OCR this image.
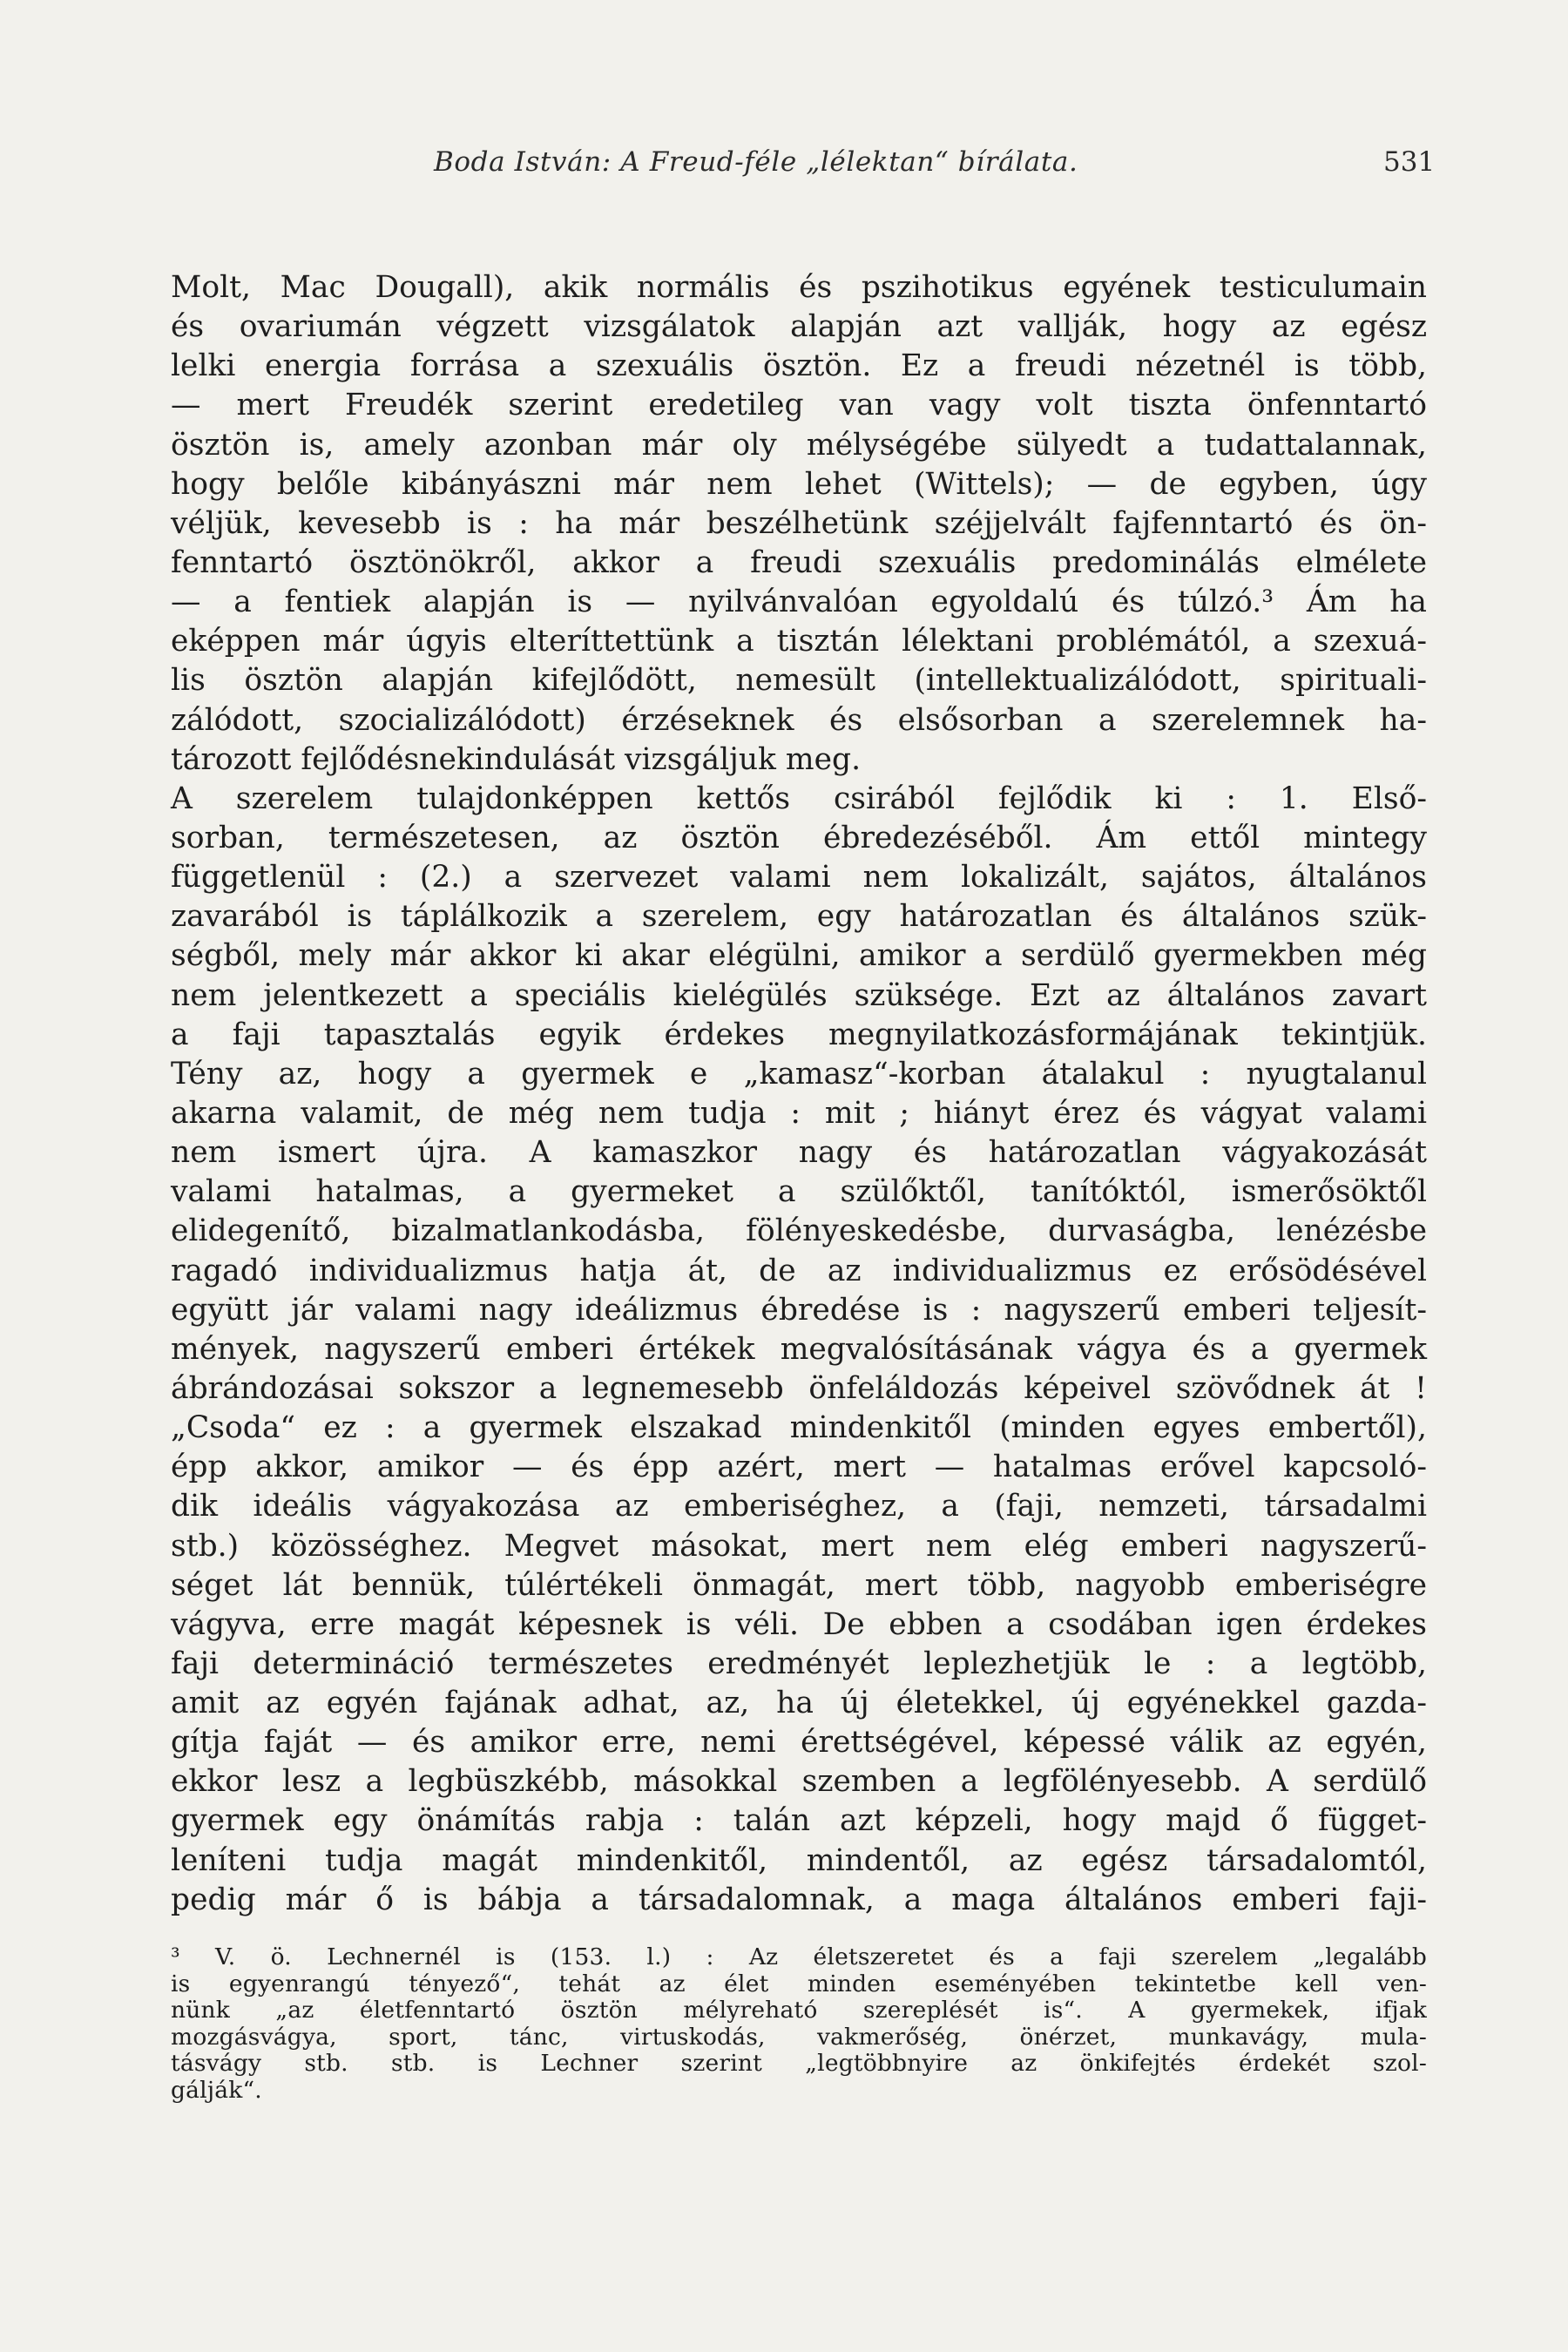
Boda István: A Freud-féle „lélektan“ bírálata.	531
Molt, Mac Dougall), akik normális és pszihotikus egyének testiculumain
és ovariumán végzett vizsgálatok alapján azt vallják, hogy az egész
lelki energia forrása a szexuális ösztön. Ez a freudi nézetnél is több,
— mert Freudék szerint eredetileg van vagy volt tiszta önfenntartó
ösztön is, amely azonban már oly mélységébe sülyedt a tudattalannak,
hogy belőle kibányászni már nem lehet (Wittels); — de egyben, úgy
véljük, kevesebb is : ha már beszélhetünk széjjelvált fajfenntartó és ön-
fenntartó ösztönökről, akkor a freudi szexuális predominálás elmélete
— a fentiek alapján is — nyilvánvalóan egyoldalú és túlzó.³ Ám ha
eképpen már úgyis elteríttettünk a tisztán lélektani problémától, a szexuá-
lis ösztön alapján kifejlődött, nemesült (intellektualizálódott, spirituali-
zálódott, szocializálódott) érzéseknek és elsősorban a szerelemnek ha-
tározott fejlődésnekindulását vizsgáljuk meg.
A szerelem tulajdonképpen kettős csirából fejlődik ki : 1. Első-
sorban, természetesen, az ösztön ébredezéséből. Ám ettől mintegy
függetlenül : (2.) a szervezet valami nem lokalizált, sajátos, általános
zavarából is táplálkozik a szerelem, egy határozatlan és általános szük-
ségből, mely már akkor ki akar elégülni, amikor a serdülő gyermekben még
nem jelentkezett a speciális kielégülés szüksége. Ezt az általános zavart
a faji tapasztalás egyik érdekes megnyilatkozásformájának tekintjük.
Tény az, hogy a gyermek e „kamasz“-korban átalakul : nyugtalanul
akarna valamit, de még nem tudja : mit ; hiányt érez és vágyat valami
nem ismert újra. A kamaszkor nagy és határozatlan vágyakozását
valami hatalmas, a gyermeket a szülőktől, tanítóktól, ismerősöktől
elidegenítő, bizalmatlankodásba, fölényeskedésbe, durvaságba, lenézésbe
ragadó individualizmus hatja át, de az individualizmus ez erősödésével
együtt jár valami nagy ideálizmus ébredése is : nagyszerű emberi teljesít-
mények, nagyszerű emberi értékek megvalósításának vágya és a gyermek
ábrándozásai sokszor a legnemesebb önfeláldozás képeivel szövődnek át !
„Csoda“ ez : a gyermek elszakad mindenkitől (minden egyes embertől),
épp akkor, amikor — és épp azért, mert — hatalmas erővel kapcsoló-
dik ideális vágyakozása az emberiséghez, a (faji, nemzeti, társadalmi
stb.) közösséghez. Megvet másokat, mert nem elég emberi nagyszerű-
séget lát bennük, túlértékeli önmagát, mert több, nagyobb emberiségre
vágyva, erre magát képesnek is véli. De ebben a csodában igen érdekes
faji determináció természetes eredményét leplezhetjük le : a legtöbb,
amit az egyén fajának adhat, az, ha új életekkel, új egyénekkel gazda-
gítja faját — és amikor erre, nemi érettségével, képessé válik az egyén,
ekkor lesz a legbüszkébb, másokkal szemben a legfölényesebb. A serdülő
gyermek egy önámítás rabja : talán azt képzeli, hogy majd ő függet-
leníteni tudja magát mindenkitől, mindentől, az egész társadalomtól,
pedig már ő is bábja a társadalomnak, a maga általános emberi faji-
³ V. ö. Lechnernél is (153. l.) : Az életszeretet és a faji szerelem „legalább
is egyenrangú tényező“, tehát az élet minden eseményében tekintetbe kell ven-
nünk „az életfenntartó ösztön mélyreható szereplését is“. A gyermekek, ifjak
mozgásvágya, sport, tánc, virtuskodás, vakmerőség, önérzet, munkavágy, mula-
tásvágy stb. stb. is Lechner szerint „legtöbbnyire az önkifejtés érdekét szol-
gálják“.
